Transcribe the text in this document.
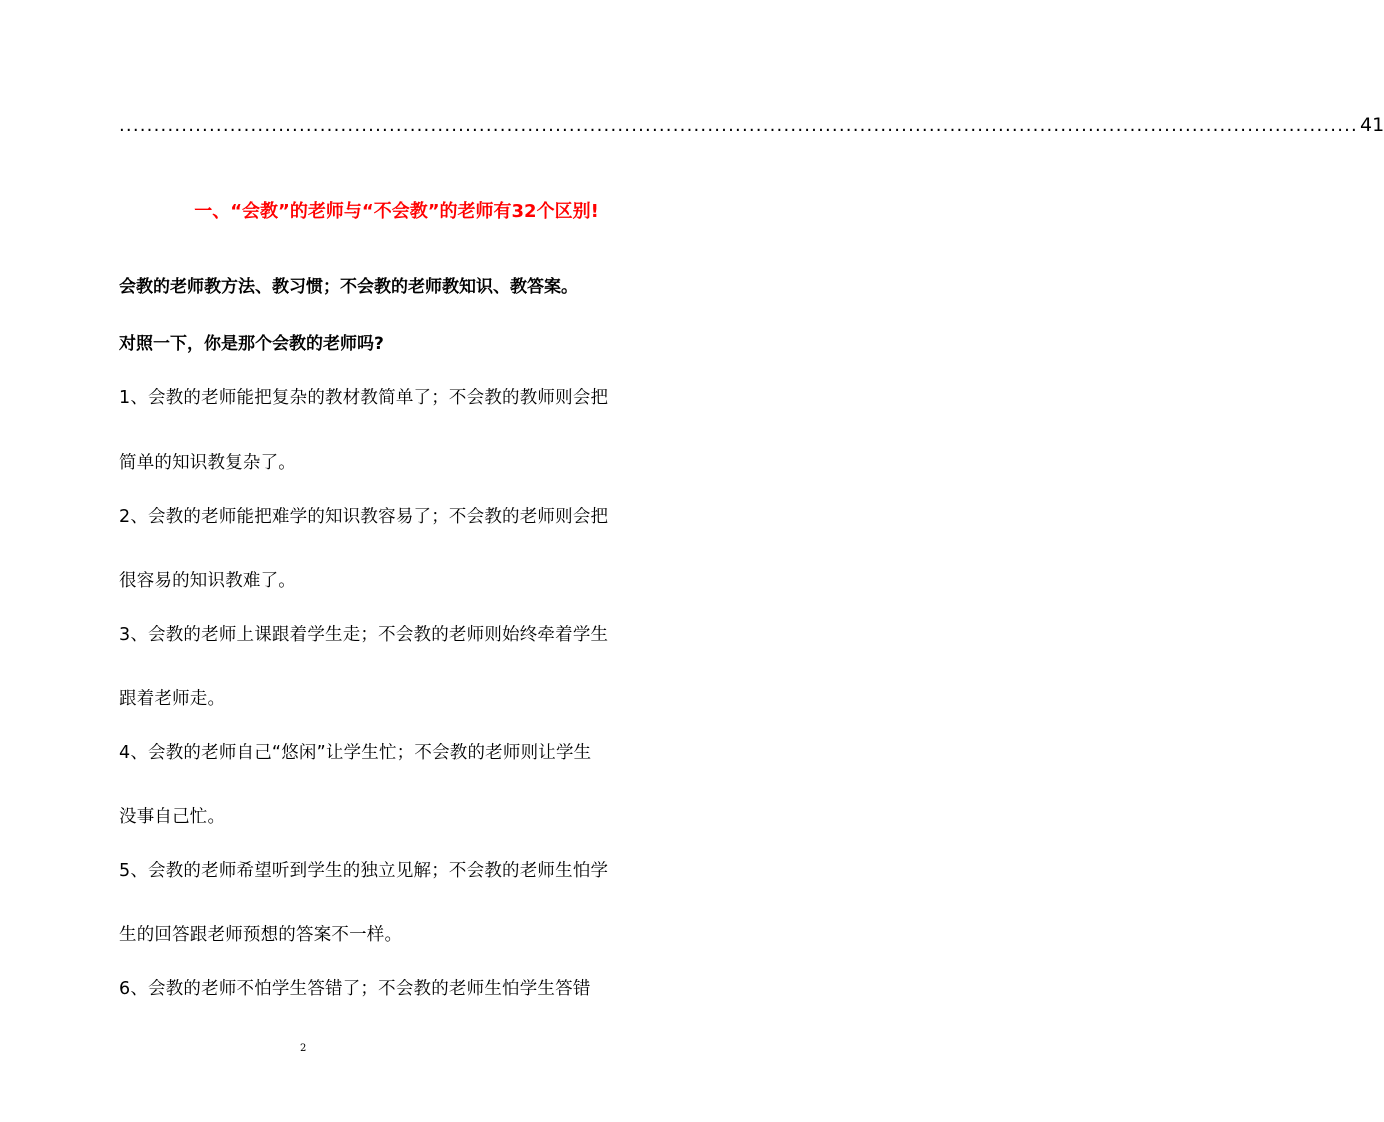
................................................................................................................................................................................... 41
一、“会教”的老师与“不会教”的老师有32个区别!
会教的老师教方法、教习惯；不会教的老师教知识、教答案。
对照一下，你是那个会教的老师吗?
1、会教的老师能把复杂的教材教简单了；不会教的教师则会把
简单的知识教复杂了。
2、会教的老师能把难学的知识教容易了；不会教的老师则会把
很容易的知识教难了。
3、会教的老师上课跟着学生走；不会教的老师则始终牵着学生
跟着老师走。
4、会教的老师自己“悠闲”让学生忙；不会教的老师则让学生
没事自己忙。
5、会教的老师希望听到学生的独立见解；不会教的老师生怕学
生的回答跟老师预想的答案不一样。
6、会教的老师不怕学生答错了；不会教的老师生怕学生答错
2
